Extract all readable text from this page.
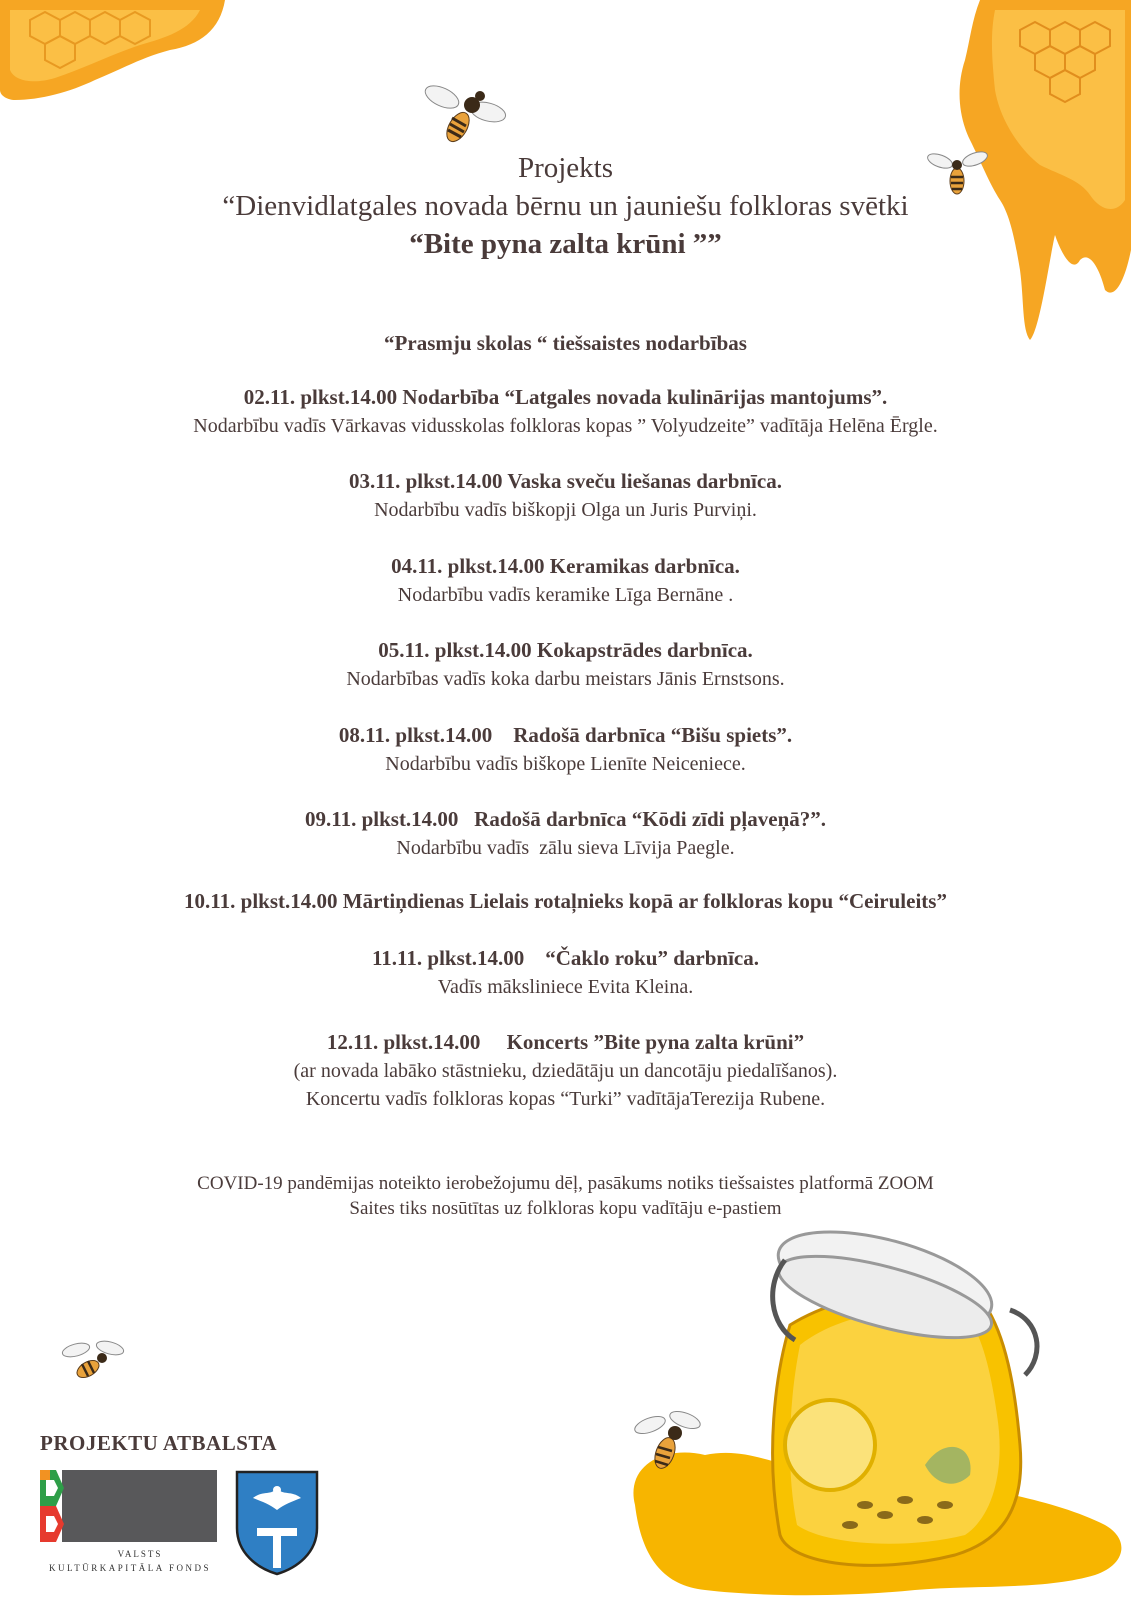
Projekts
“Dienvidlatgales novada bērnu un jauniešu folkloras svētki
“Bite pyna zalta krūni ””
“Prasmju skolas “ tiešsaistes nodarbības
02.11. plkst.14.00 Nodarbība “Latgales novada kulinārijas mantojums”.
Nodarbību vadīs Vārkavas vidusskolas folkloras kopas ” Volyudzeite” vadītāja Helēna Ērgle.
03.11. plkst.14.00 Vaska sveču liešanas darbnīca.
Nodarbību vadīs biškopji Olga un Juris Purviņi.
04.11. plkst.14.00 Keramikas darbnīca.
Nodarbību vadīs keramike Līga Bernāne .
05.11. plkst.14.00 Kokapstrādes darbnīca.
Nodarbības vadīs koka darbu meistars Jānis Ernstsons.
08.11. plkst.14.00    Radošā darbnīca “Bišu spiets”.
Nodarbību vadīs biškope Lienīte Neiceniece.
09.11. plkst.14.00   Radošā darbnīca “Kōdi zīdi pļaveņā?”.
Nodarbību vadīs  zālu sieva Līvija Paegle.
10.11. plkst.14.00 Mārtiņdienas Lielais rotaļnieks kopā ar folkloras kopu “Ceiruleits”
11.11. plkst.14.00    “Čaklo roku” darbnīca.
Vadīs māksliniece Evita Kleina.
12.11. plkst.14.00     Koncerts ”Bite pyna zalta krūni”
(ar novada labāko stāstnieku, dziedātāju un dancotāju piedalīšanos).
Koncertu vadīs folkloras kopas “Turki” vadītājaTerezija Rubene.
COVID-19 pandēmijas noteikto ierobežojumu dēļ, pasākums notiks tiešsaistes platformā ZOOM
Saites tiks nosūtītas uz folkloras kopu vadītāju e-pastiem
PROJEKTU ATBALSTA
VALSTS
KULTŪRKAPITĀLA FONDS
